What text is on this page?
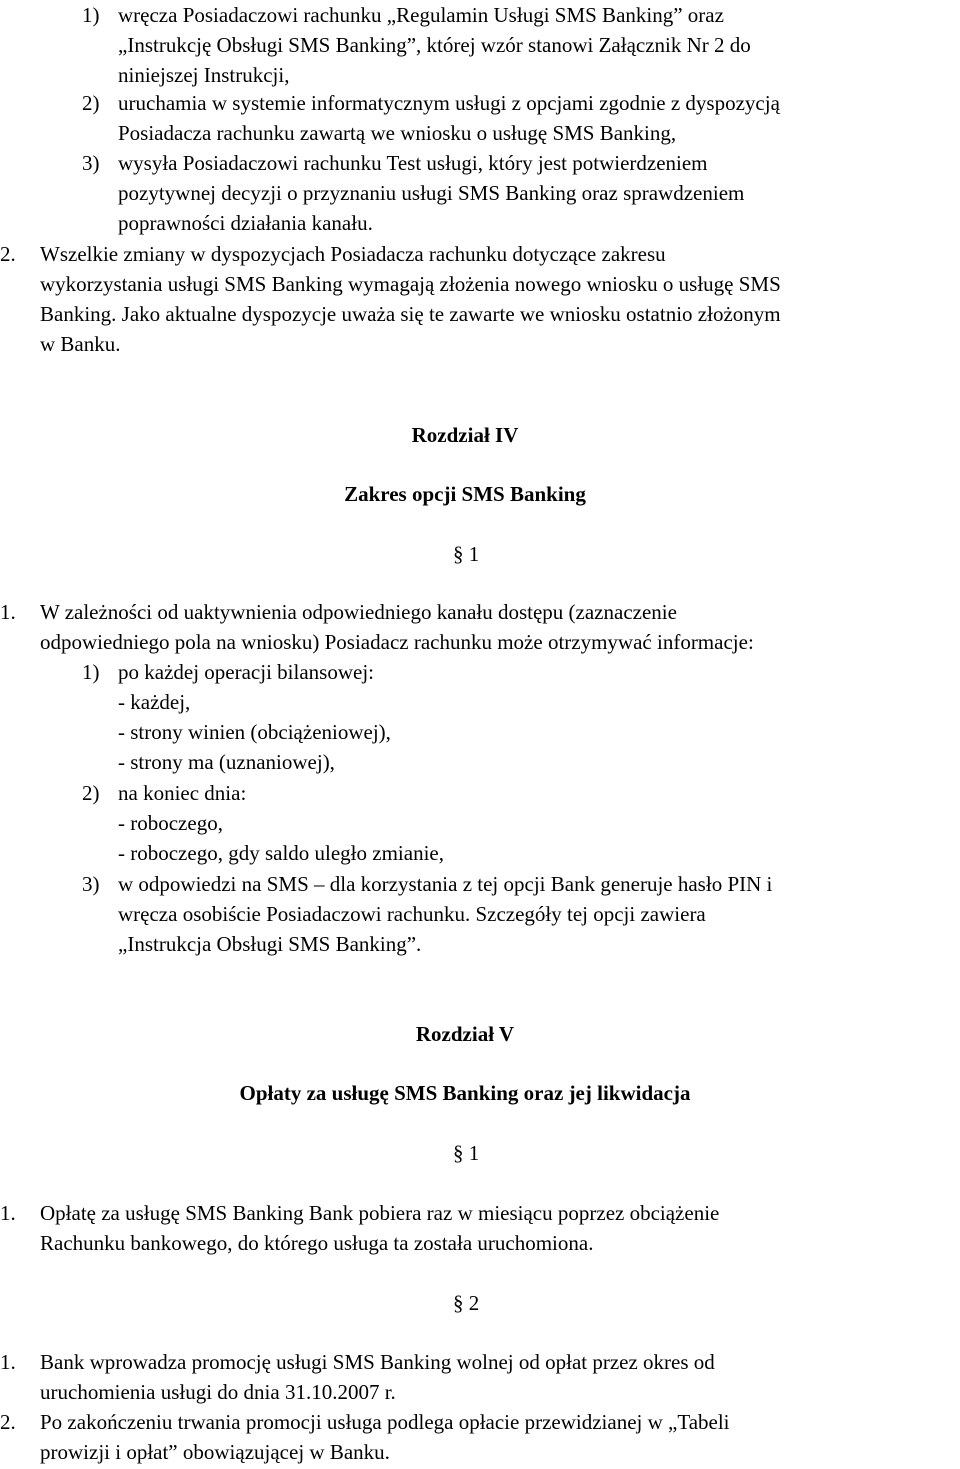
1) wręcza Posiadaczowi rachunku „Regulamin Usługi SMS Banking” oraz
„Instrukcję Obsługi SMS Banking”, której wzór stanowi Załącznik Nr 2 do
niniejszej Instrukcji,
2) uruchamia w systemie informatycznym usługi z opcjami zgodnie z dyspozycją
Posiadacza rachunku zawartą we wniosku o usługę SMS Banking,
3) wysyła Posiadaczowi rachunku Test usługi, który jest potwierdzeniem
pozytywnej decyzji o przyznaniu usługi SMS Banking oraz sprawdzeniem
poprawności działania kanału.
2. Wszelkie zmiany w dyspozycjach Posiadacza rachunku dotyczące zakresu
wykorzystania usługi SMS Banking wymagają złożenia nowego wniosku o usługę SMS
Banking. Jako aktualne dyspozycje uważa się te zawarte we wniosku ostatnio złożonym
w Banku.
Rozdział IV
Zakres opcji SMS Banking
§ 1
1. W zależności od uaktywnienia odpowiedniego kanału dostępu (zaznaczenie
odpowiedniego pola na wniosku) Posiadacz rachunku może otrzymywać informacje:
1) po każdej operacji bilansowej:
- każdej,
- strony winien (obciążeniowej),
- strony ma (uznaniowej),
2) na koniec dnia:
- roboczego,
- roboczego, gdy saldo uległo zmianie,
3) w odpowiedzi na SMS – dla korzystania z tej opcji Bank generuje hasło PIN i
wręcza osobiście Posiadaczowi rachunku. Szczegóły tej opcji zawiera
„Instrukcja Obsługi SMS Banking”.
Rozdział V
Opłaty za usługę SMS Banking oraz jej likwidacja
§ 1
1. Opłatę za usługę SMS Banking Bank pobiera raz w miesiącu poprzez obciążenie
Rachunku bankowego, do którego usługa ta została uruchomiona.
§ 2
1. Bank wprowadza promocję usługi SMS Banking wolnej od opłat przez okres od
uruchomienia usługi do dnia 31.10.2007 r.
2. Po zakończeniu trwania promocji usługa podlega opłacie przewidzianej w „Tabeli
prowizji i opłat” obowiązującej w Banku.
